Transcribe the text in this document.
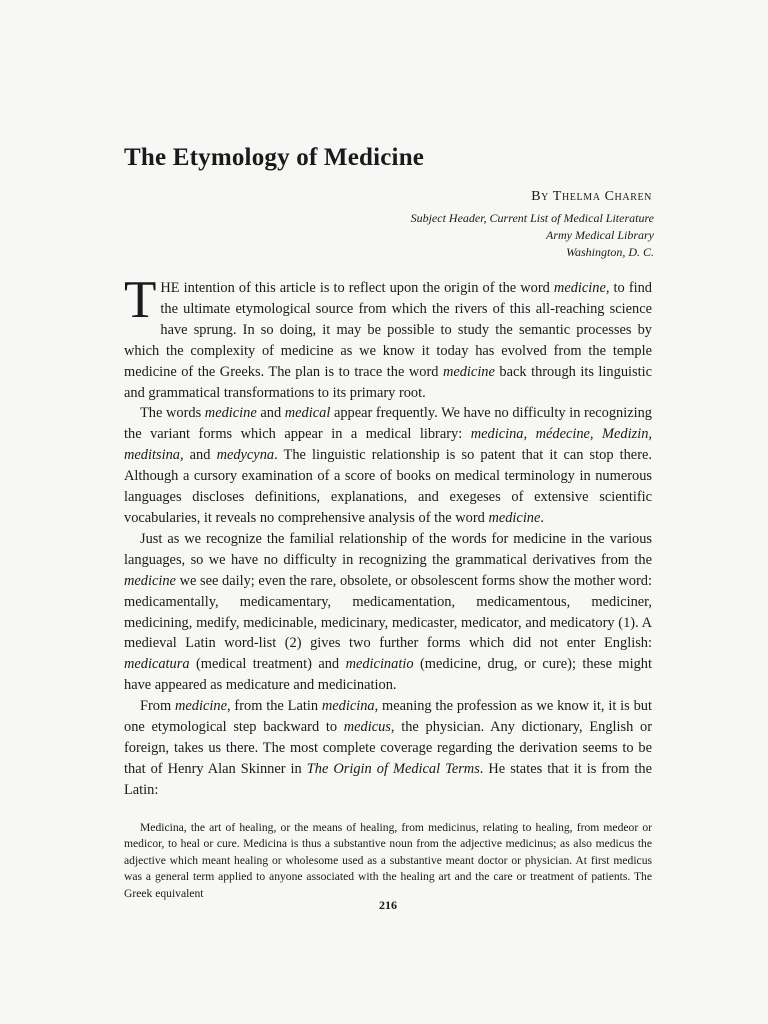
The Etymology of Medicine
By Thelma Charen
Subject Header, Current List of Medical Literature
Army Medical Library
Washington, D. C.

THE intention of this article is to reflect upon the origin of the word medicine, to find the ultimate etymological source from which the rivers of this all-reaching science have sprung. In so doing, it may be possible to study the semantic processes by which the complexity of medicine as we know it today has evolved from the temple medicine of the Greeks. The plan is to trace the word medicine back through its linguistic and grammatical transformations to its primary root.

The words medicine and medical appear frequently. We have no difficulty in recognizing the variant forms which appear in a medical library: medicina, médecine, Medizin, meditsina, and medycyna. The linguistic relationship is so patent that it can stop there. Although a cursory examination of a score of books on medical terminology in numerous languages discloses definitions, explanations, and exegeses of extensive scientific vocabularies, it reveals no comprehensive analysis of the word medicine.

Just as we recognize the familial relationship of the words for medicine in the various languages, so we have no difficulty in recognizing the grammatical derivatives from the medicine we see daily; even the rare, obsolete, or obsolescent forms show the mother word: medicamentally, medicamentary, medicamentation, medicamentous, mediciner, medicining, medify, medicinable, medicinary, medicaster, medicator, and medicatory (1). A medieval Latin word-list (2) gives two further forms which did not enter English: medicatura (medical treatment) and medicinatio (medicine, drug, or cure); these might have appeared as medicature and medicination.

From medicine, from the Latin medicina, meaning the profession as we know it, it is but one etymological step backward to medicus, the physician. Any dictionary, English or foreign, takes us there. The most complete coverage regarding the derivation seems to be that of Henry Alan Skinner in The Origin of Medical Terms. He states that it is from the Latin:

Medicina, the art of healing, or the means of healing, from medicinus, relating to healing, from medeor or medicor, to heal or cure. Medicina is thus a substantive noun from the adjective medicinus; as also medicus the adjective which meant healing or wholesome used as a substantive meant doctor or physician. At first medicus was a general term applied to anyone associated with the healing art and the care or treatment of patients. The Greek equivalent

216
